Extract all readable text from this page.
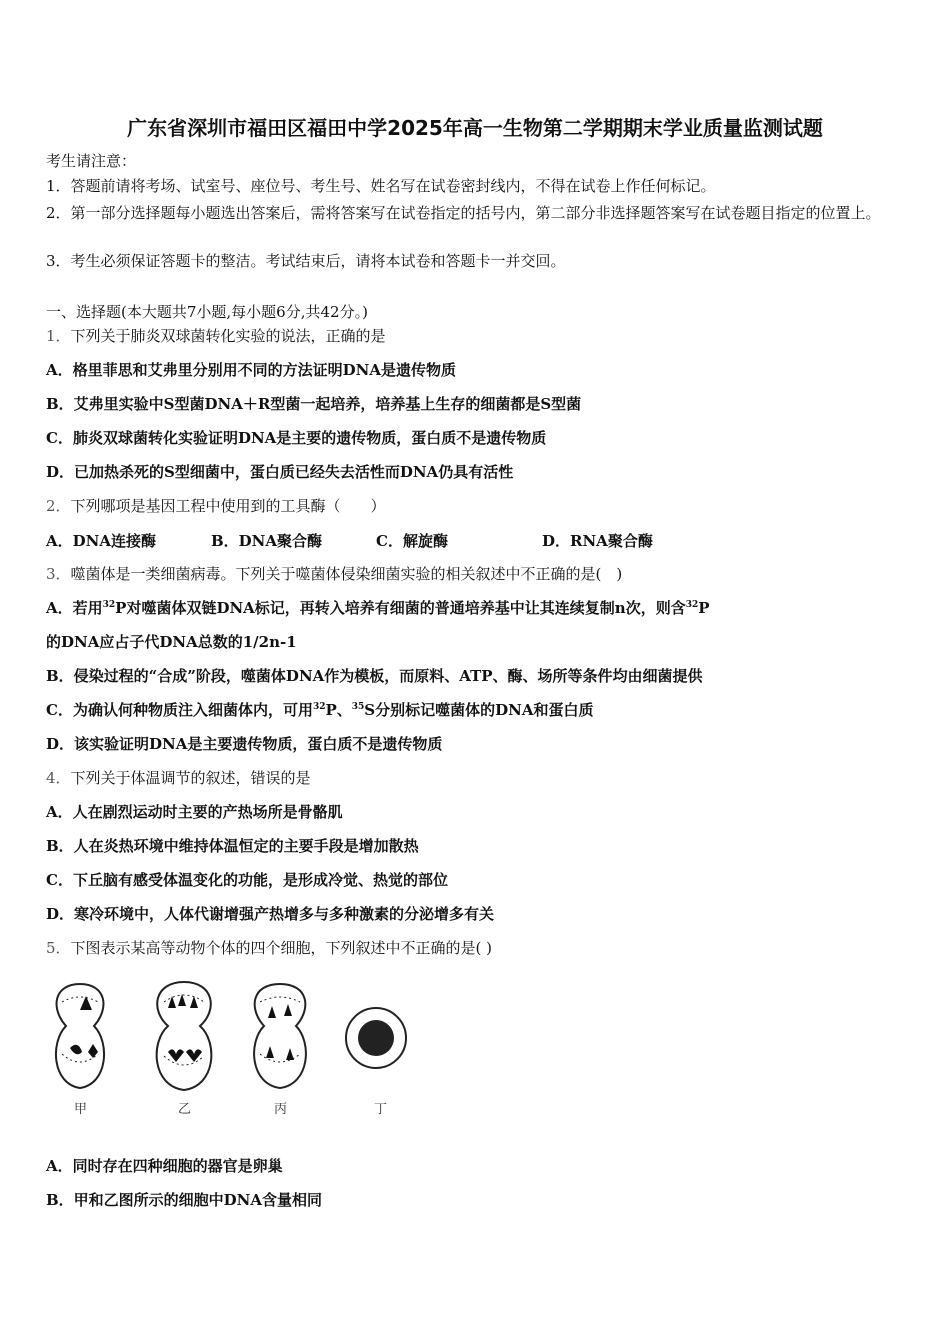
广东省深圳市福田区福田中学2025年高一生物第二学期期末学业质量监测试题
考生请注意：
1．答题前请将考场、试室号、座位号、考生号、姓名写在试卷密封线内，不得在试卷上作任何标记。
2．第一部分选择题每小题选出答案后，需将答案写在试卷指定的括号内，第二部分非选择题答案写在试卷题目指定的位置上。
3．考生必须保证答题卡的整洁。考试结束后，请将本试卷和答题卡一并交回。
一、选择题(本大题共7小题,每小题6分,共42分。)
1．下列关于肺炎双球菌转化实验的说法，正确的是
A．格里菲思和艾弗里分别用不同的方法证明DNA是遗传物质
B．艾弗里实验中S型菌DNA＋R型菌一起培养，培养基上生存的细菌都是S型菌
C．肺炎双球菌转化实验证明DNA是主要的遗传物质，蛋白质不是遗传物质
D．已加热杀死的S型细菌中，蛋白质已经失去活性而DNA仍具有活性
2．下列哪项是基因工程中使用到的工具酶（　　）
A．DNA连接酶	B．DNA聚合酶	C．解旋酶	D．RNA聚合酶
3．噬菌体是一类细菌病毒。下列关于噬菌体侵染细菌实验的相关叙述中不正确的是(　)
A．若用$^{32}$P对噬菌体双链DNA标记，再转入培养有细菌的普通培养基中让其连续复制n次，则含$^{32}$P
的DNA应占子代DNA总数的1/2n-1
B．侵染过程的“合成”阶段，噬菌体DNA作为模板，而原料、ATP、酶、场所等条件均由细菌提供
C．为确认何种物质注入细菌体内，可用$^{32}$P、$^{35}$S分别标记噬菌体的DNA和蛋白质
D．该实验证明DNA是主要遗传物质，蛋白质不是遗传物质
4．下列关于体温调节的叙述，错误的是
A．人在剧烈运动时主要的产热场所是骨骼肌
B．人在炎热环境中维持体温恒定的主要手段是增加散热
C．下丘脑有感受体温变化的功能，是形成冷觉、热觉的部位
D．寒冷环境中，人体代谢增强产热增多与多种激素的分泌增多有关
5．下图表示某高等动物个体的四个细胞，下列叙述中不正确的是( )
甲	乙	丙	丁
A．同时存在四种细胞的器官是卵巢
B．甲和乙图所示的细胞中DNA含量相同
